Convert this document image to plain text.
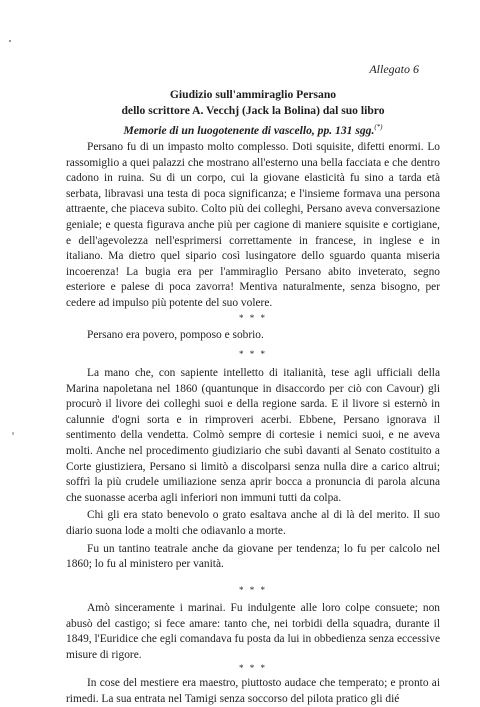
Allegato 6
Giudizio sull'ammiraglio Persano
dello scrittore A. Vecchj (Jack la Bolina) dal suo libro
Memorie di un luogotenente di vascello, pp. 131 sgg.(*)

Persano fu di un impasto molto complesso. Doti squisite, difetti enormi. Lo rassomiglio a quei palazzi che mostrano all'esterno una bella facciata e che dentro cadono in ruina. Su di un corpo, cui la giovane elasticità fu sino a tarda età serbata, libravasi una testa di poca significanza; e l'insieme formava una persona attraente, che piaceva subito. Colto più dei colleghi, Persano aveva conversazione geniale; e questa figurava anche più per cagione di maniere squisite e cortigiane, e dell'agevolezza nell'esprimersi correttamente in francese, in inglese e in italiano. Ma dietro quel sipario così lusingatore dello sguardo quanta miseria incoerenza! La bugia era per l'ammiraglio Persano abito inveterato, segno esteriore e palese di poca zavorra! Mentiva naturalmente, senza bisogno, per cedere ad impulso più potente del suo volere.

* * *

Persano era povero, pomposo e sobrio.

* * *

La mano che, con sapiente intelletto di italianità, tese agli ufficiali della Marina napoletana nel 1860 (quantunque in disaccordo per ciò con Cavour) gli procurò il livore dei colleghi suoi e della regione sarda. E il livore si esternò in calunnie d'ogni sorta e in rimproveri acerbi. Ebbene, Persano ignorava il sentimento della vendetta. Colmò sempre di cortesie i nemici suoi, e ne aveva molti. Anche nel procedimento giudiziario che subì davanti al Senato costituito a Corte giustiziera, Persano si limitò a discolparsi senza nulla dire a carico altrui; soffrì la più crudele umiliazione senza aprir bocca a pronuncia di parola alcuna che suonasse acerba agli inferiori non immuni tutti da colpa.

Chi gli era stato benevolo o grato esaltava anche al di là del merito. Il suo diario suona lode a molti che odiavanlo a morte.

Fu un tantino teatrale anche da giovane per tendenza; lo fu per calcolo nel 1860; lo fu al ministero per vanità.

* * *

Amò sinceramente i marinai. Fu indulgente alle loro colpe consuete; non abusò del castigo; si fece amare: tanto che, nei torbidi della squadra, durante il 1849, l'Euridice che egli comandava fu posta da lui in obbedienza senza eccessive misure di rigore.

* * *

In cose del mestiere era maestro, piuttosto audace che temperato; e pronto ai rimedi. La sua entrata nel Tamigi senza soccorso del pilota pratico gli dié
